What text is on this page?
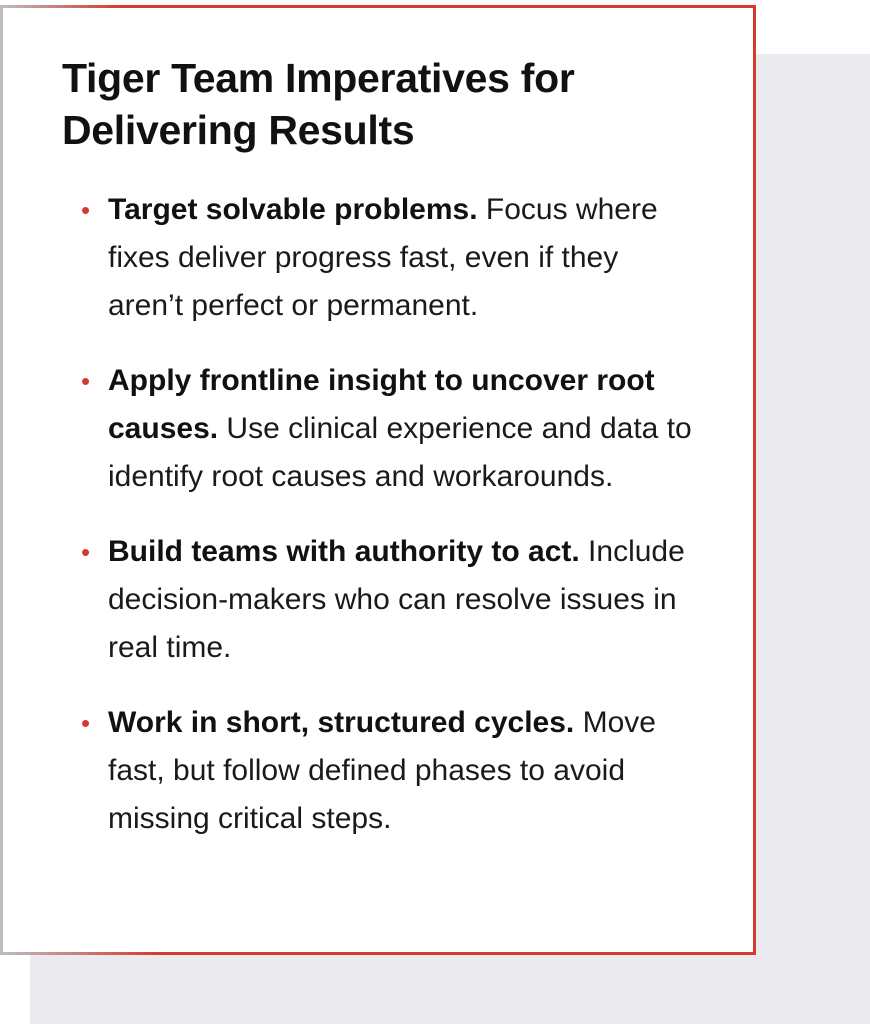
Tiger Team Imperatives for Delivering Results
• Target solvable problems. Focus where fixes deliver progress fast, even if they aren’t perfect or permanent.
• Apply frontline insight to uncover root causes. Use clinical experience and data to identify root causes and workarounds.
• Build teams with authority to act. Include decision-makers who can resolve issues in real time.
• Work in short, structured cycles. Move fast, but follow defined phases to avoid missing critical steps.
